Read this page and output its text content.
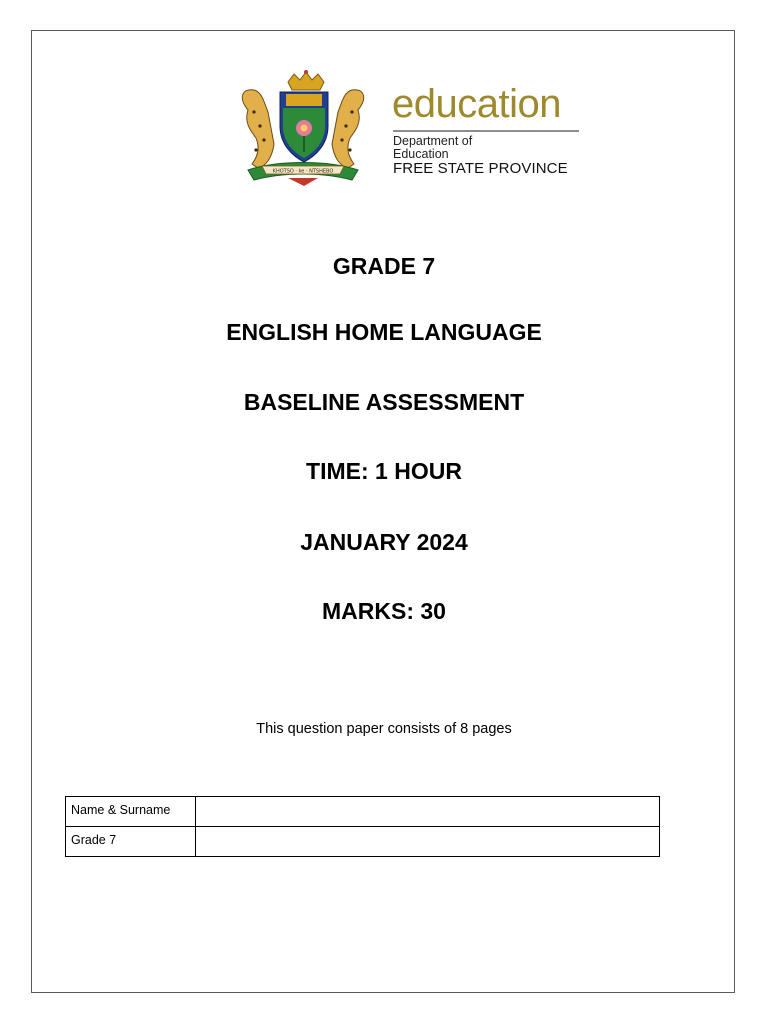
KHOTSO · ke · NTSHEBO
education
Department of
Education
FREE STATE PROVINCE
GRADE 7
ENGLISH HOME LANGUAGE
BASELINE ASSESSMENT
TIME: 1 HOUR
JANUARY 2024
MARKS: 30
This question paper consists of 8 pages
Name & Surname	
Grade 7	
